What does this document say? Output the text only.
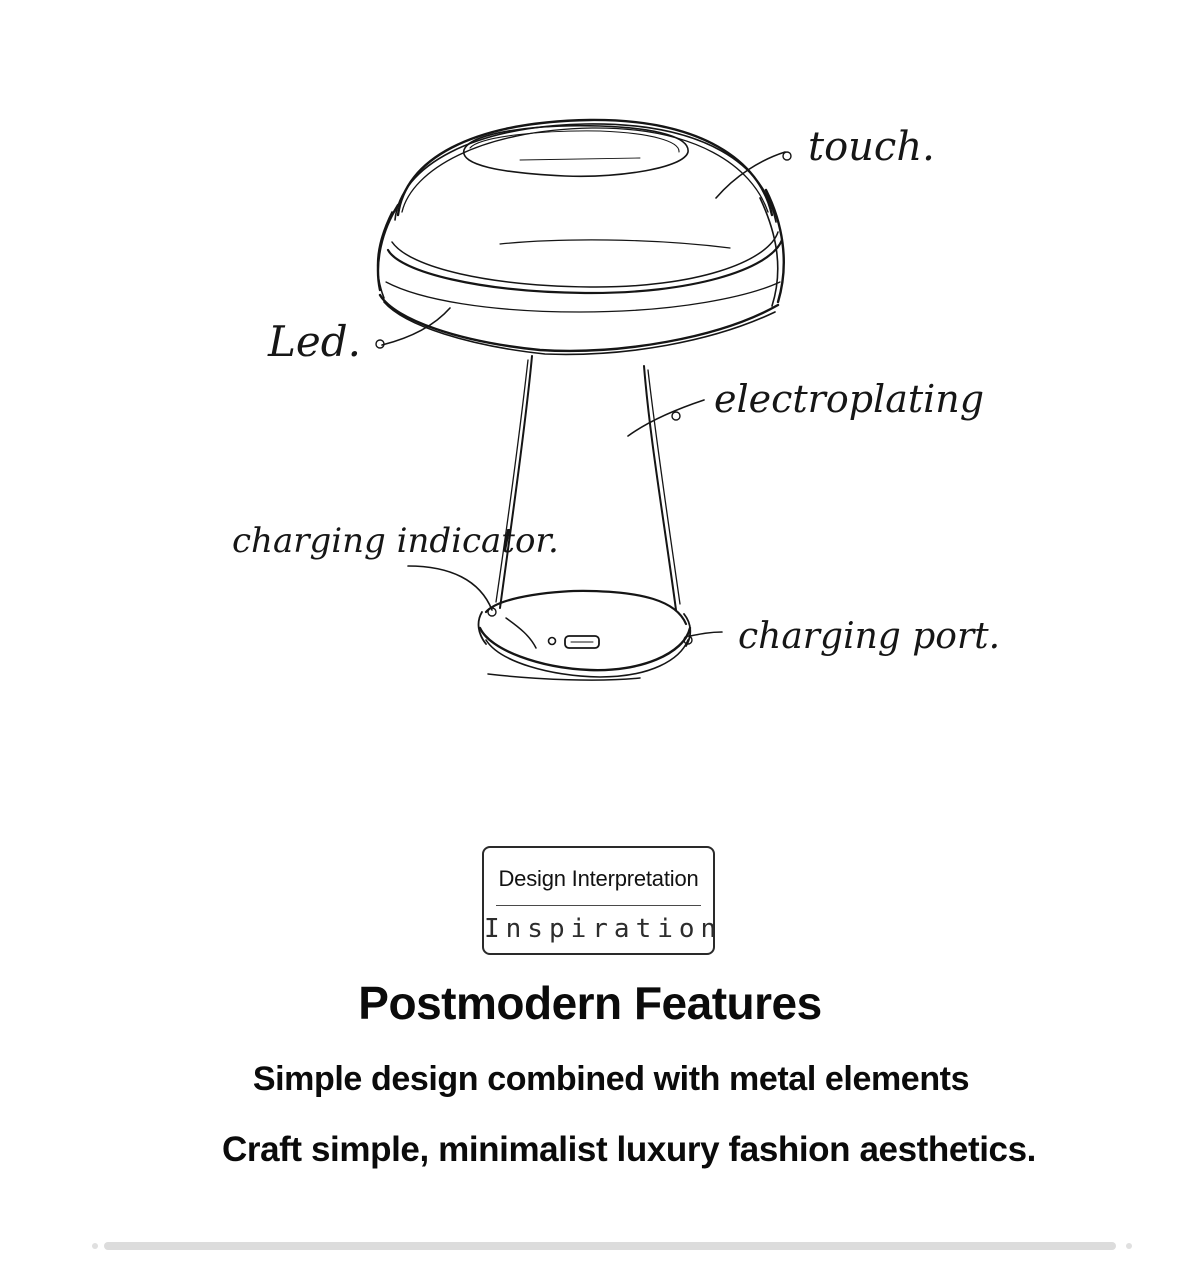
touch.
Led.
electroplating
charging indicator.
charging port.
Design Interpretation
Inspiration
Postmodern Features
Simple design combined with metal elements
Craft simple, minimalist luxury fashion aesthetics.
